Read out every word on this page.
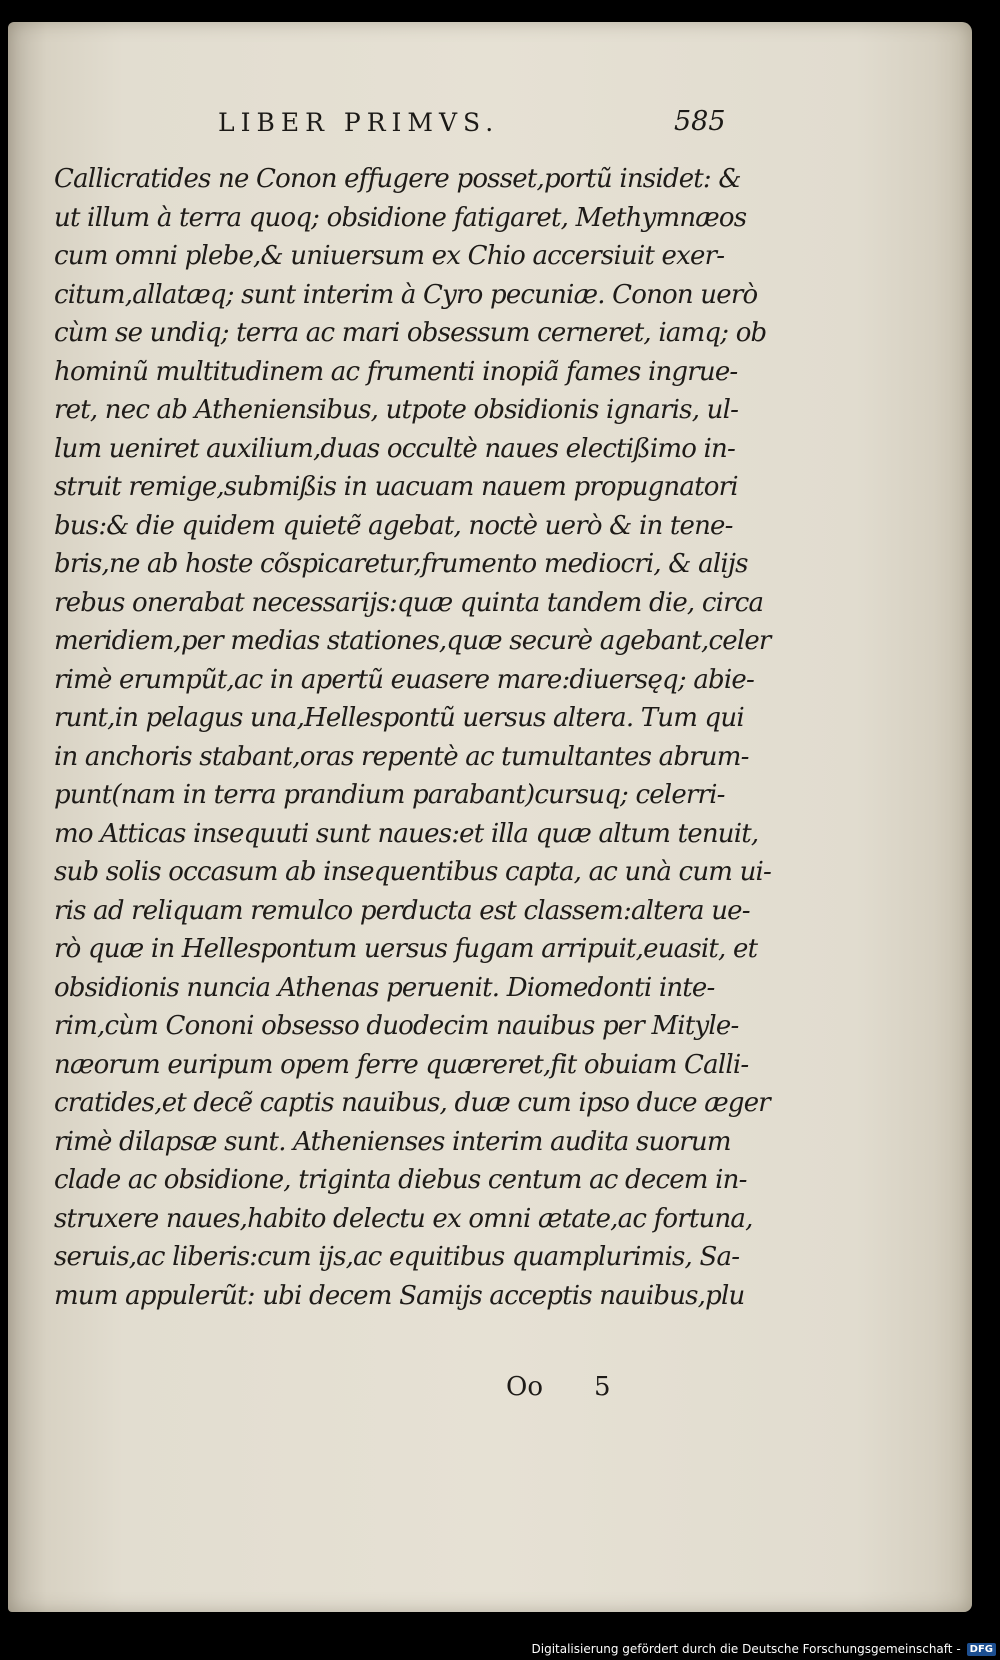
LIBER PRIMVS.	585
Callicratides ne Conon effugere posset,portũ insidet: &
ut illum à terra quoq; obsidione fatigaret, Methymnæos
cum omni plebe,& uniuersum ex Chio accersiuit exer-
citum,allatæq; sunt interim à Cyro pecuniæ. Conon uerò
cùm se undiq; terra ac mari obsessum cerneret, iamq; ob
hominũ multitudinem ac frumenti inopiã fames ingrue-
ret, nec ab Atheniensibus, utpote obsidionis ignaris, ul-
lum ueniret auxilium,duas occultè naues electißimo in-
struit remige,submißis in uacuam nauem propugnatori
bus:& die quidem quietẽ agebat, noctè uerò & in tene-
bris,ne ab hoste cõspicaretur,frumento mediocri, & alijs
rebus onerabat necessarijs:quæ quinta tandem die, circa
meridiem,per medias stationes,quæ securè agebant,celer
rimè erumpũt,ac in apertũ euasere mare:diuersęq; abie-
runt,in pelagus una,Hellespontũ uersus altera. Tum qui
in anchoris stabant,oras repentè ac tumultantes abrum-
punt(nam in terra prandium parabant)cursuq; celerri-
mo Atticas insequuti sunt naues:et illa quæ altum tenuit,
sub solis occasum ab insequentibus capta, ac unà cum ui-
ris ad reliquam remulco perducta est classem:altera ue-
rò quæ in Hellespontum uersus fugam arripuit,euasit, et
obsidionis nuncia Athenas peruenit. Diomedonti inte-
rim,cùm Cononi obsesso duodecim nauibus per Mityle-
næorum euripum opem ferre quæreret,fit obuiam Calli-
cratides,et decẽ captis nauibus, duæ cum ipso duce æger
rimè dilapsæ sunt. Athenienses interim audita suorum
clade ac obsidione, triginta diebus centum ac decem in-
struxere naues,habito delectu ex omni ætate,ac fortuna,
seruis,ac liberis:cum ijs,ac equitibus quamplurimis, Sa-
mum appulerũt: ubi decem Samijs acceptis nauibus,plu
Oo 5
Digitalisierung gefördert durch die Deutsche Forschungsgemeinschaft - DFG
